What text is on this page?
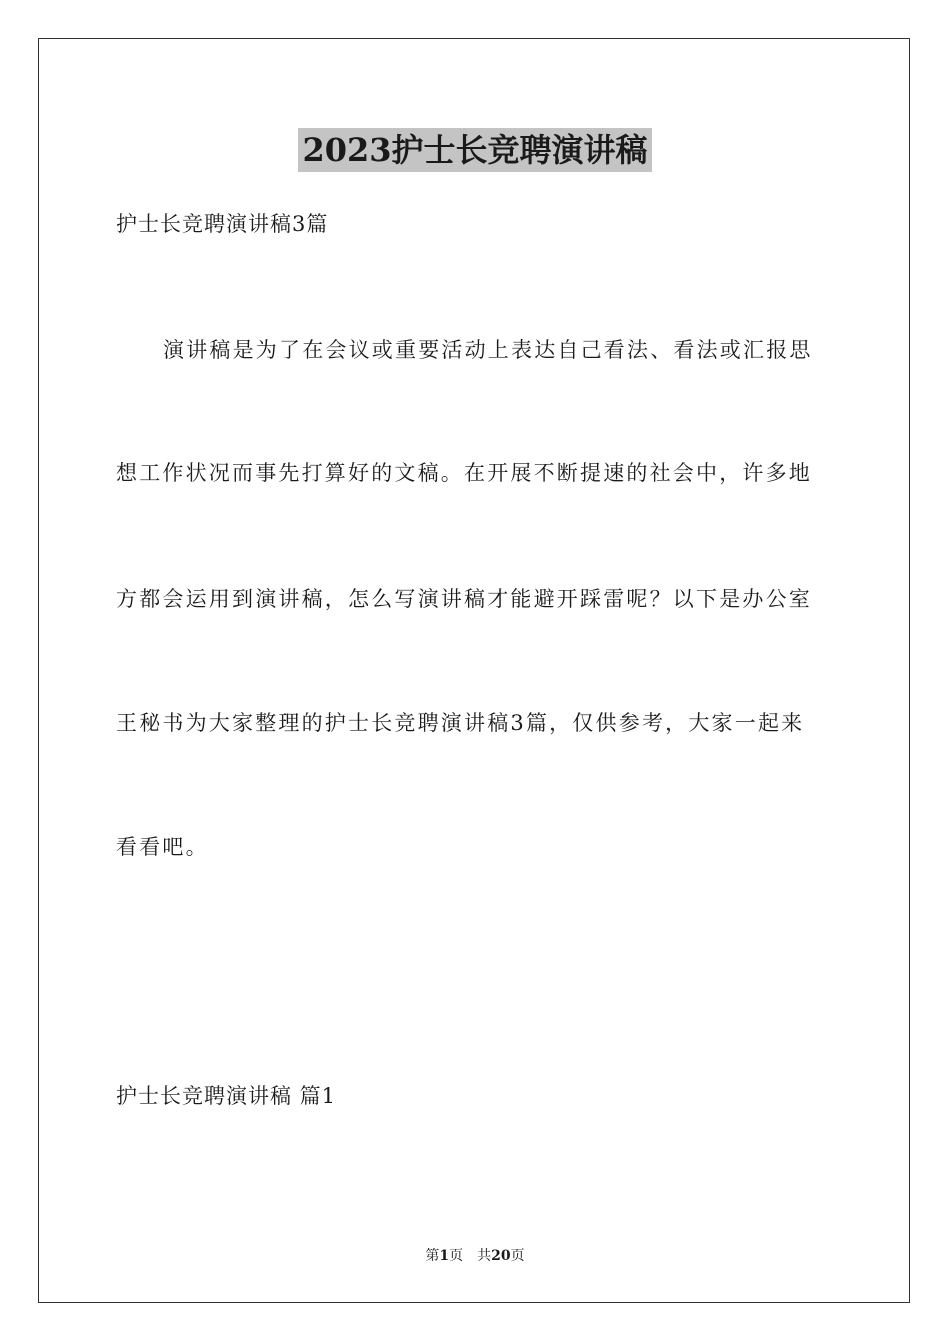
2023护士长竞聘演讲稿

护士长竞聘演讲稿3篇

演讲稿是为了在会议或重要活动上表达自己看法、看法或汇报思

想工作状况而事先打算好的文稿。在开展不断提速的社会中，许多地

方都会运用到演讲稿，怎么写演讲稿才能避开踩雷呢？以下是办公室

王秘书为大家整理的护士长竞聘演讲稿3篇，仅供参考，大家一起来

看看吧。

护士长竞聘演讲稿 篇1

第1页 共20页
